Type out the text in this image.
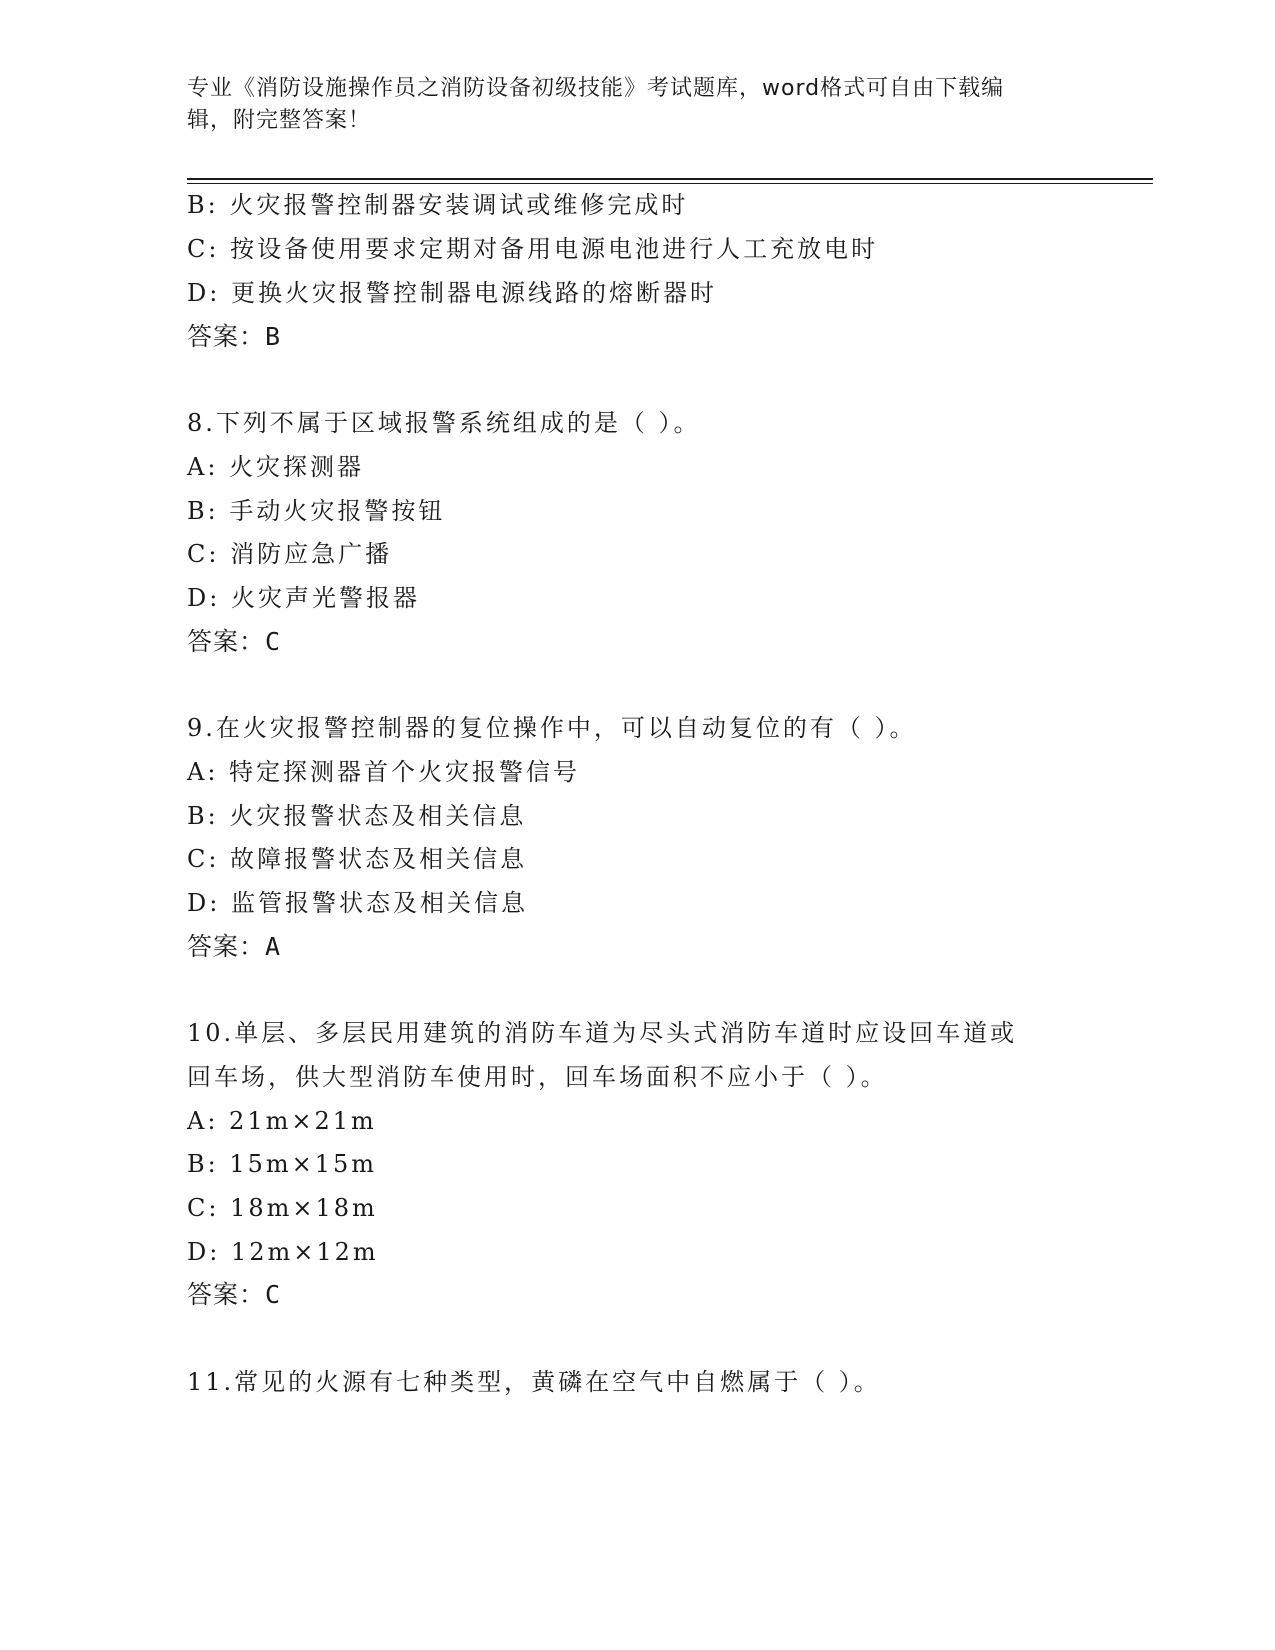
专业《消防设施操作员之消防设备初级技能》考试题库，word格式可自由下载编
辑，附完整答案！
B: 火灾报警控制器安装调试或维修完成时
C: 按设备使用要求定期对备用电源电池进行人工充放电时
D: 更换火灾报警控制器电源线路的熔断器时
答案：B
8.下列不属于区域报警系统组成的是（ ）。
A: 火灾探测器
B: 手动火灾报警按钮
C: 消防应急广播
D: 火灾声光警报器
答案：C
9.在火灾报警控制器的复位操作中，可以自动复位的有（ ）。
A: 特定探测器首个火灾报警信号
B: 火灾报警状态及相关信息
C: 故障报警状态及相关信息
D: 监管报警状态及相关信息
答案：A
10.单层、多层民用建筑的消防车道为尽头式消防车道时应设回车道或
回车场，供大型消防车使用时，回车场面积不应小于（ ）。
A: 21m×21m
B: 15m×15m
C: 18m×18m
D: 12m×12m
答案：C
11.常见的火源有七种类型，黄磷在空气中自燃属于（ ）。
